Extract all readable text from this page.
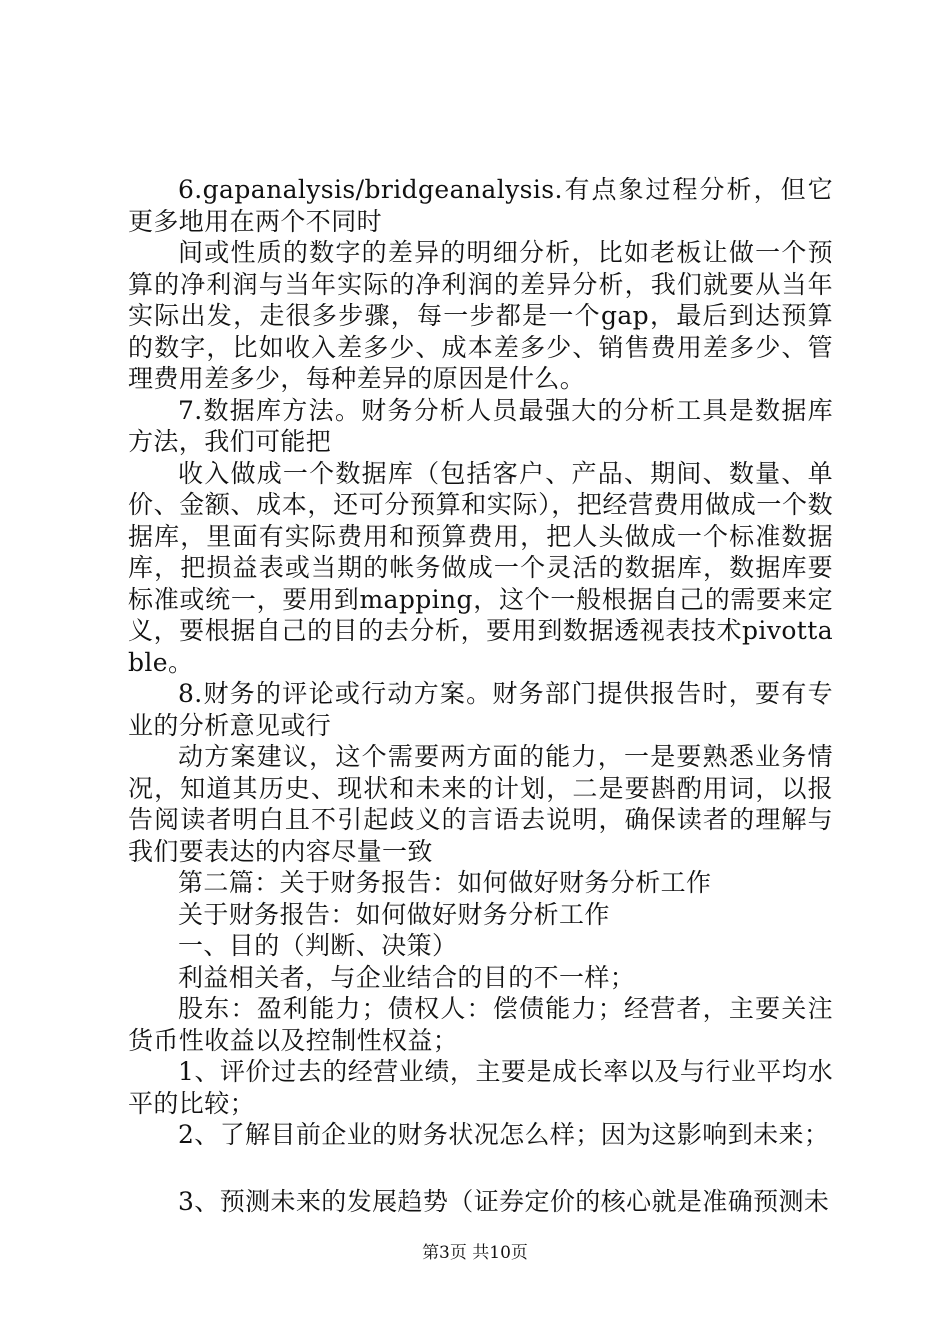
6.gapanalysis/bridgeanalysis.有点象过程分析，但它更多地用在两个不同时

间或性质的数字的差异的明细分析，比如老板让做一个预算的净利润与当年实际的净利润的差异分析，我们就要从当年实际出发，走很多步骤，每一步都是一个gap，最后到达预算的数字，比如收入差多少、成本差多少、销售费用差多少、管理费用差多少，每种差异的原因是什么。

7.数据库方法。财务分析人员最强大的分析工具是数据库方法，我们可能把

收入做成一个数据库（包括客户、产品、期间、数量、单价、金额、成本，还可分预算和实际），把经营费用做成一个数据库，里面有实际费用和预算费用，把人头做成一个标准数据库，把损益表或当期的帐务做成一个灵活的数据库，数据库要标准或统一，要用到mapping，这个一般根据自己的需要来定义，要根据自己的目的去分析，要用到数据透视表技术pivottable。

8.财务的评论或行动方案。财务部门提供报告时，要有专业的分析意见或行

动方案建议，这个需要两方面的能力，一是要熟悉业务情况，知道其历史、现状和未来的计划，二是要斟酌用词，以报告阅读者明白且不引起歧义的言语去说明，确保读者的理解与我们要表达的内容尽量一致

第二篇：关于财务报告：如何做好财务分析工作

关于财务报告：如何做好财务分析工作

一、目的（判断、决策）

利益相关者，与企业结合的目的不一样；

股东：盈利能力；债权人：偿债能力；经营者，主要关注货币性收益以及控制性权益；

1、评价过去的经营业绩，主要是成长率以及与行业平均水平的比较；

2、了解目前企业的财务状况怎么样；因为这影响到未来；

3、预测未来的发展趋势（证券定价的核心就是准确预测未

第3页 共10页
